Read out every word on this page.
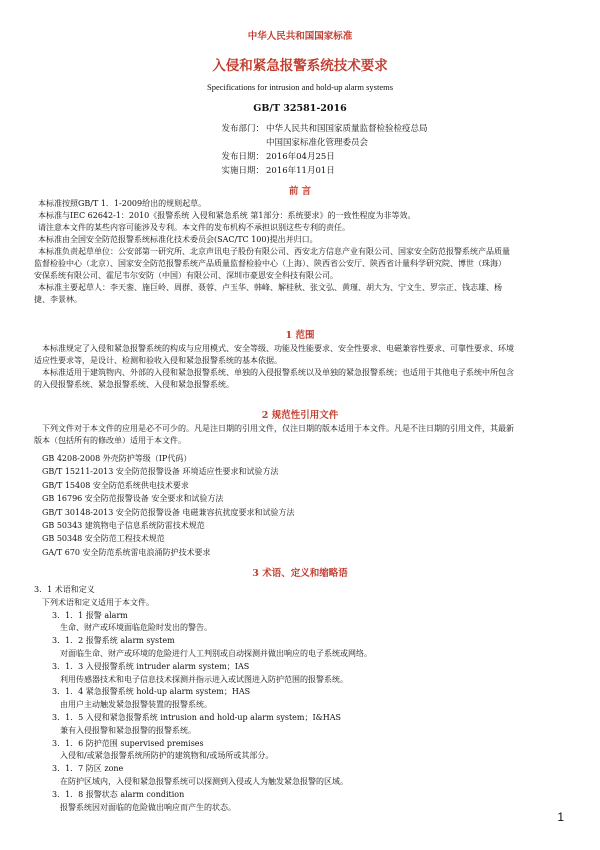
中华人民共和国国家标准
入侵和紧急报警系统技术要求
Specifications for intrusion and hold-up alarm systems
GB/T 32581-2016
发布部门： 中华人民共和国国家质量监督检验检疫总局
中国国家标准化管理委员会
发布日期： 2016年04月25日
实施日期： 2016年11月01日
前 言
本标准按照GB/T 1．1-2009给出的规则起草。
本标准与IEC 62642-1：2010《报警系统 入侵和紧急系统 第1部分：系统要求》的一致性程度为非等效。
请注意本文件的某些内容可能涉及专利。本文件的发布机构不承担识别这些专利的责任。
本标准由全国安全防范报警系统标准化技术委员会(SAC/TC 100)提出并归口。
本标准负责起草单位：公安部第一研究所、北京声讯电子股份有限公司、西安北方信息产业有限公司、国家安全防范报警系统产品质量
监督检验中心（北京）、国家安全防范报警系统产品质量监督检验中心（上海）、陕西省公安厅、陕西省计量科学研究院、博世（珠海）
安保系统有限公司、霍尼韦尔安防（中国）有限公司、深圳市豪恩安全科技有限公司。
本标准主要起草人：李天銮、施巨岭、周群、聂蓉、卢玉华、韩峰、解桂秋、张文弘、黄瑾、胡大为、宁文生、罗宗正、钱志雄、杨
捷、李景林。
1 范围
本标准规定了入侵和紧急报警系统的构成与应用模式、安全等级、功能及性能要求、安全性要求、电磁兼容性要求、可靠性要求、环境
适应性要求等，是设计、检测和验收入侵和紧急报警系统的基本依据。
本标准适用于建筑物内、外部的入侵和紧急报警系统、单独的入侵报警系统以及单独的紧急报警系统；也适用于其他电子系统中所包含
的入侵报警系统、紧急报警系统、入侵和紧急报警系统。
2 规范性引用文件
下列文件对于本文件的应用是必不可少的。凡是注日期的引用文件，仅注日期的版本适用于本文件。凡是不注日期的引用文件，其最新
版本（包括所有的修改单）适用于本文件。
GB 4208-2008 外壳防护等级（IP代码）
GB/T 15211-2013 安全防范报警设备 环境适应性要求和试验方法
GB/T 15408 安全防范系统供电技术要求
GB 16796 安全防范报警设备 安全要求和试验方法
GB/T 30148-2013 安全防范报警设备 电磁兼容抗扰度要求和试验方法
GB 50343 建筑物电子信息系统防雷技术规范
GB 50348 安全防范工程技术规范
GA/T 670 安全防范系统雷电浪涌防护技术要求
3 术语、定义和缩略语
3．1 术语和定义
下列术语和定义适用于本文件。
3．1．1 报警 alarm
生命、财产或环境面临危险时发出的警告。
3．1．2 报警系统 alarm system
对面临生命、财产或环境的危险进行人工判别或自动探测并做出响应的电子系统或网络。
3．1．3 入侵报警系统 intruder alarm system；IAS
利用传感器技术和电子信息技术探测并指示进入或试图进入防护范围的报警系统。
3．1．4 紧急报警系统 hold-up alarm system；HAS
由用户主动触发紧急报警装置的报警系统。
3．1．5 入侵和紧急报警系统 intrusion and hold-up alarm system；I&HAS
兼有入侵报警和紧急报警的报警系统。
3．1．6 防护范围 supervised premises
入侵和/或紧急报警系统所防护的建筑物和/或场所或其部分。
3．1．7 防区 zone
在防护区域内，入侵和紧急报警系统可以探测到入侵或人为触发紧急报警的区域。
3．1．8 报警状态 alarm condition
报警系统因对面临的危险做出响应而产生的状态。
1
